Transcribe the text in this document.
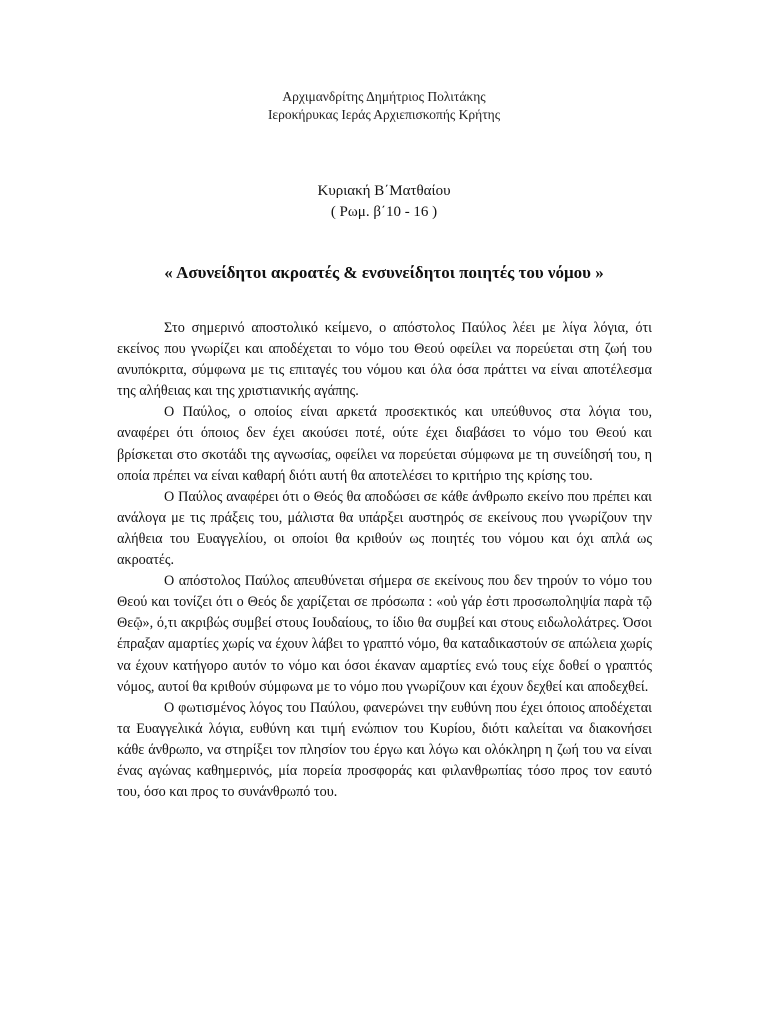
Αρχιμανδρίτης Δημήτριος Πολιτάκης
Ιεροκήρυκας Ιεράς Αρχιεπισκοπής Κρήτης
Κυριακή Β΄Ματθαίου
( Ρωμ. β΄10 - 16 )
« Ασυνείδητοι ακροατές & ενσυνείδητοι ποιητές του νόμου »

Στο σημερινό αποστολικό κείμενο, ο απόστολος Παύλος λέει με λίγα λόγια, ότι εκείνος που γνωρίζει και αποδέχεται το νόμο του Θεού οφείλει να πορεύεται στη ζωή του ανυπόκριτα, σύμφωνα με τις επιταγές του νόμου και όλα όσα πράττει να είναι αποτέλεσμα της αλήθειας και της χριστιανικής αγάπης.

Ο Παύλος, ο οποίος είναι αρκετά προσεκτικός και υπεύθυνος στα λόγια του, αναφέρει ότι όποιος δεν έχει ακούσει ποτέ, ούτε έχει διαβάσει το νόμο του Θεού και βρίσκεται στο σκοτάδι της αγνωσίας, οφείλει να πορεύεται σύμφωνα με τη συνείδησή του, η οποία πρέπει να είναι καθαρή διότι αυτή θα αποτελέσει το κριτήριο της κρίσης του.

Ο Παύλος αναφέρει ότι ο Θεός θα αποδώσει σε κάθε άνθρωπο εκείνο που πρέπει και ανάλογα με τις πράξεις του, μάλιστα θα υπάρξει αυστηρός σε εκείνους που γνωρίζουν την αλήθεια του Ευαγγελίου, οι οποίοι θα κριθούν ως ποιητές του νόμου και όχι απλά ως ακροατές.

Ο απόστολος Παύλος απευθύνεται σήμερα σε εκείνους που δεν τηρούν το νόμο του Θεού και τονίζει ότι ο Θεός δε χαρίζεται σε πρόσωπα : «οὐ γάρ ἐστι προσωποληψία παρὰ τῷ Θεῷ», ό,τι ακριβώς συμβεί στους Ιουδαίους, το ίδιο θα συμβεί και στους ειδωλολάτρες. Όσοι έπραξαν αμαρτίες χωρίς να έχουν λάβει το γραπτό νόμο, θα καταδικαστούν σε απώλεια χωρίς να έχουν κατήγορο αυτόν το νόμο και όσοι έκαναν αμαρτίες ενώ τους είχε δοθεί ο γραπτός νόμος, αυτοί θα κριθούν σύμφωνα με το νόμο που γνωρίζουν και έχουν δεχθεί και αποδεχθεί.

Ο φωτισμένος λόγος του Παύλου, φανερώνει την ευθύνη που έχει όποιος αποδέχεται τα Ευαγγελικά λόγια, ευθύνη και τιμή ενώπιον του Κυρίου, διότι καλείται να διακονήσει κάθε άνθρωπο, να στηρίξει τον πλησίον του έργω και λόγω και ολόκληρη η ζωή του να είναι ένας αγώνας καθημερινός, μία πορεία προσφοράς και φιλανθρωπίας τόσο προς τον εαυτό του, όσο και προς το συνάνθρωπό του.
